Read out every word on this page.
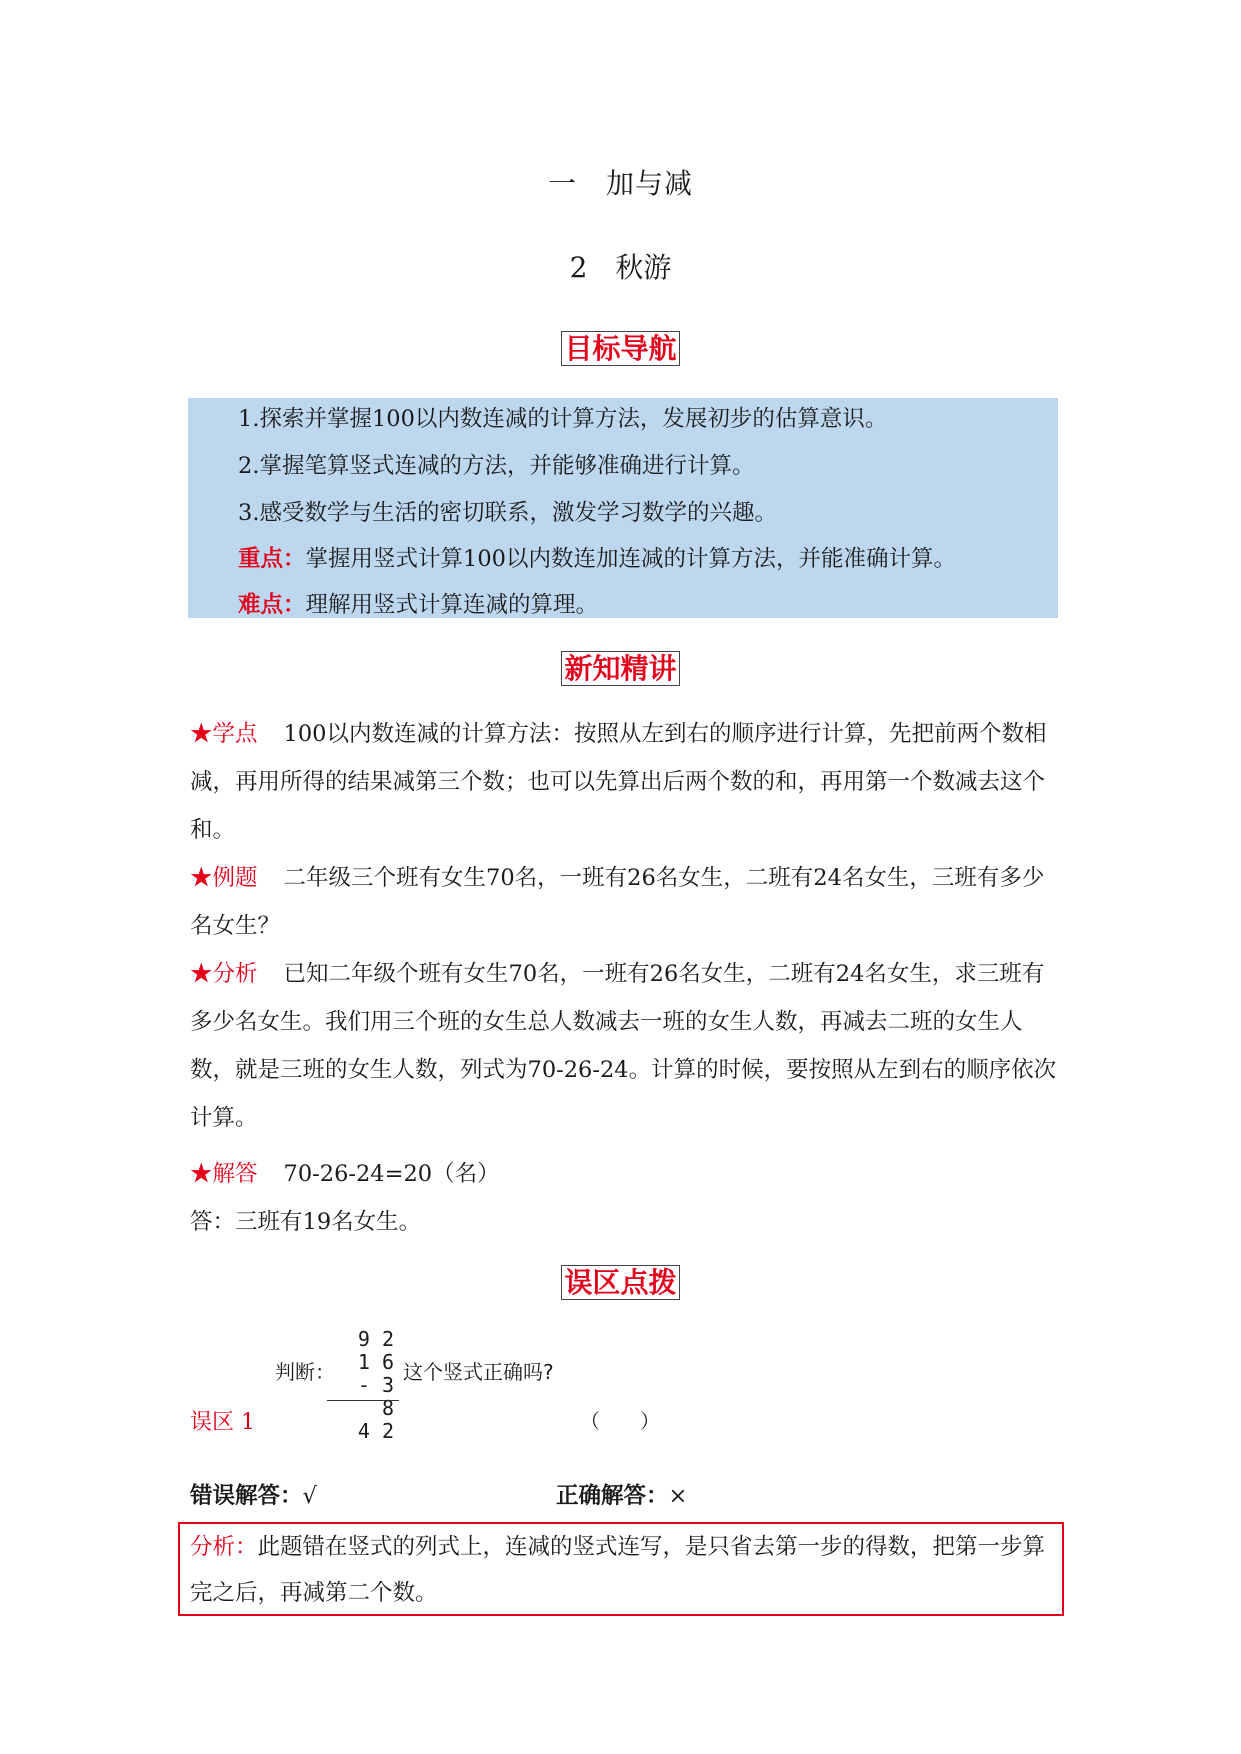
一　加与减
2　秋游
目标导航
1.探索并掌握100以内数连减的计算方法，发展初步的估算意识。
2.掌握笔算竖式连减的方法，并能够准确进行计算。
3.感受数学与生活的密切联系，激发学习数学的兴趣。
重点：掌握用竖式计算100以内数连加连减的计算方法，并能准确计算。
难点：理解用竖式计算连减的算理。
新知精讲
★学点 100以内数连减的计算方法：按照从左到右的顺序进行计算，先把前两个数相减，再用所得的结果减第三个数；也可以先算出后两个数的和，再用第一个数减去这个和。
★例题 二年级三个班有女生70名，一班有26名女生，二班有24名女生，三班有多少名女生？
★分析 已知二年级个班有女生70名，一班有26名女生，二班有24名女生，求三班有多少名女生。我们用三个班的女生总人数减去一班的女生人数，再减去二班的女生人数，就是三班的女生人数，列式为70-26-24。计算的时候，要按照从左到右的顺序依次计算。
★解答 70-26-24=20（名）
答：三班有19名女生。
误区点拨
判断：
9 2
1 6
- 3 8
4 2
这个竖式正确吗?
误区 1	（　　）
错误解答：√	正确解答：×
分析：此题错在竖式的列式上，连减的竖式连写，是只省去第一步的得数，把第一步算完之后，再减第二个数。
